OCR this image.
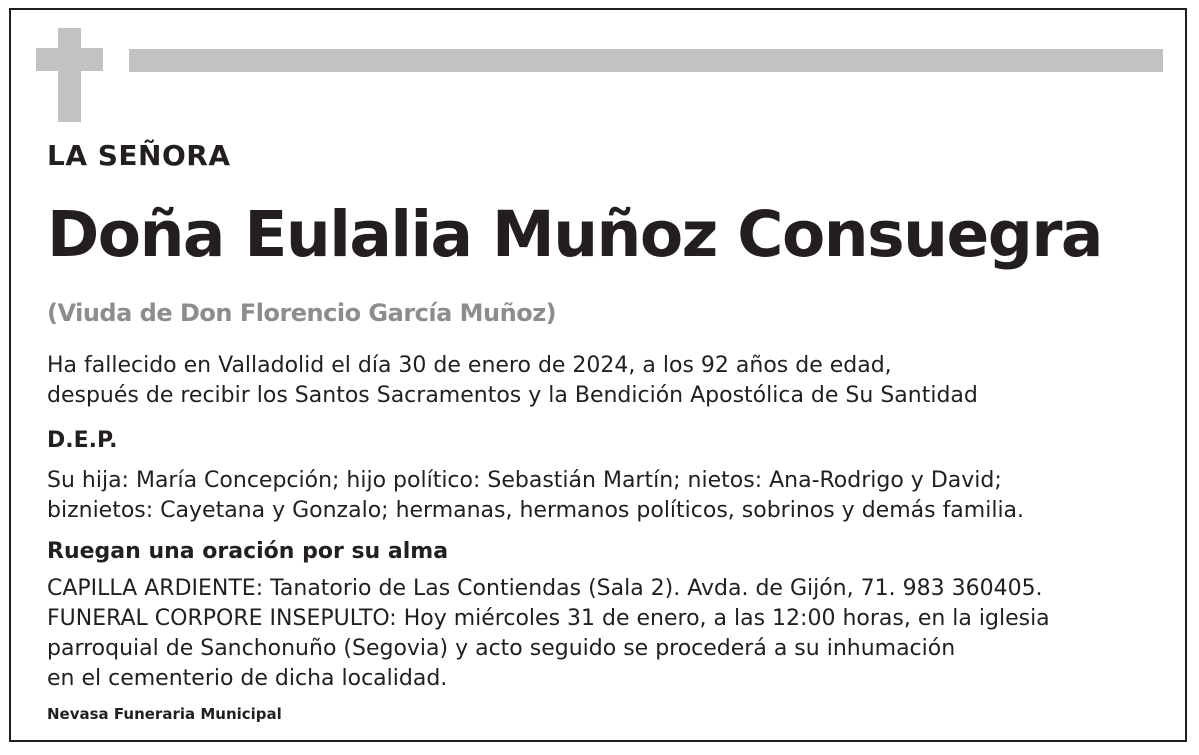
LA SEÑORA

Doña Eulalia Muñoz Consuegra

(Viuda de Don Florencio García Muñoz)

Ha fallecido en Valladolid el día 30 de enero de 2024, a los 92 años de edad,
después de recibir los Santos Sacramentos y la Bendición Apostólica de Su Santidad

D.E.P.

Su hija: María Concepción; hijo político: Sebastián Martín; nietos: Ana-Rodrigo y David;
biznietos: Cayetana y Gonzalo; hermanas, hermanos políticos, sobrinos y demás familia.

Ruegan una oración por su alma

CAPILLA ARDIENTE: Tanatorio de Las Contiendas (Sala 2). Avda. de Gijón, 71. 983 360405.
FUNERAL CORPORE INSEPULTO: Hoy miércoles 31 de enero, a las 12:00 horas, en la iglesia
parroquial de Sanchonuño (Segovia) y acto seguido se procederá a su inhumación
en el cementerio de dicha localidad.

Nevasa Funeraria Municipal
